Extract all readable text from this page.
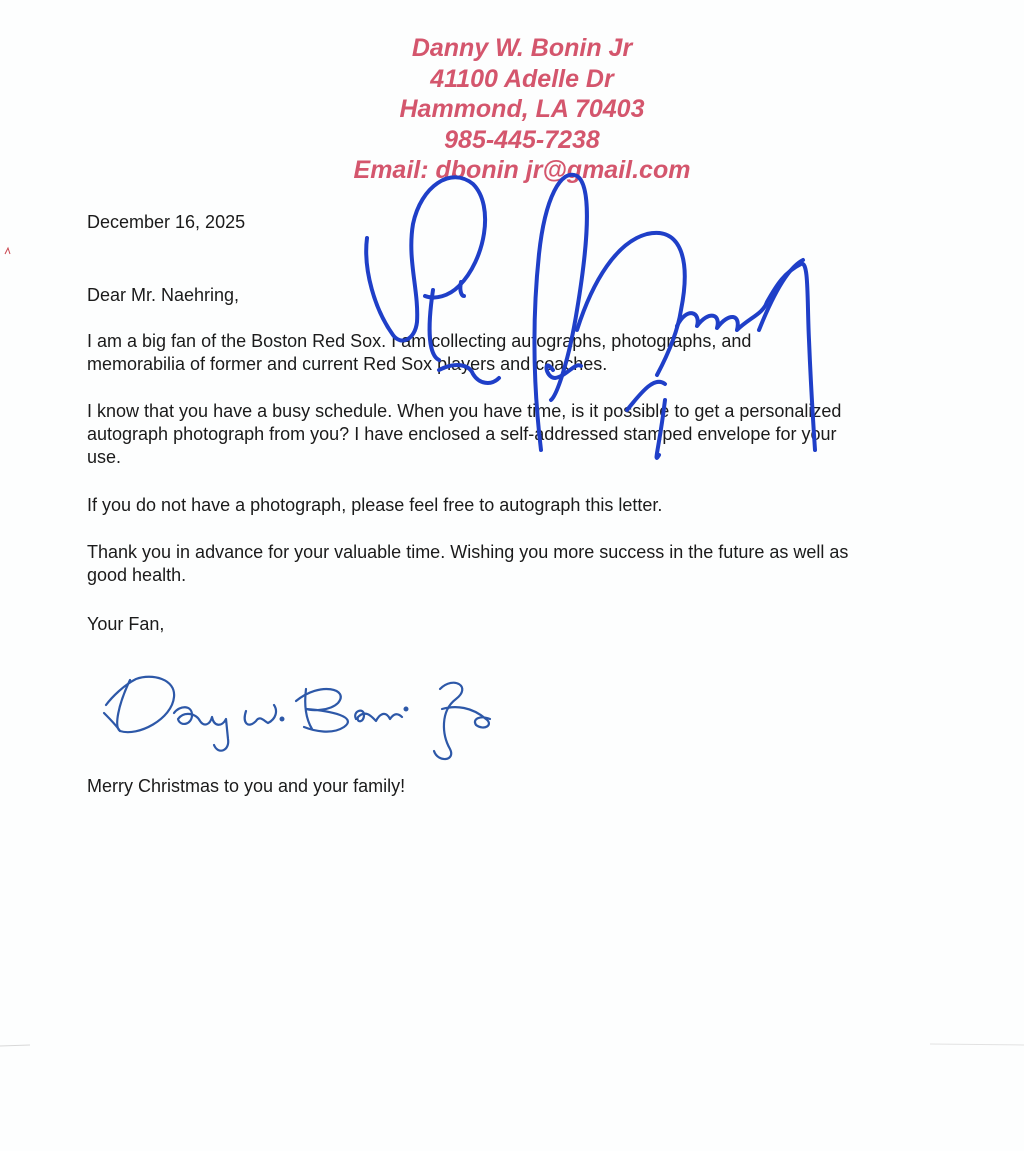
Danny W. Bonin Jr
41100 Adelle Dr
Hammond, LA 70403
985-445-7238
Email: dbonin jr@gmail.com
December 16, 2025
Dear Mr. Naehring,
I am a big fan of the Boston Red Sox. I am collecting autographs, photographs, and
memorabilia of former and current Red Sox players and coaches.
I know that you have a busy schedule. When you have time, is it possible to get a personalized
autograph photograph from you? I have enclosed a self-addressed stamped envelope for your
use.
If you do not have a photograph, please feel free to autograph this letter.
Thank you in advance for your valuable time. Wishing you more success in the future as well as
good health.
Your Fan,
Merry Christmas to you and your family!
